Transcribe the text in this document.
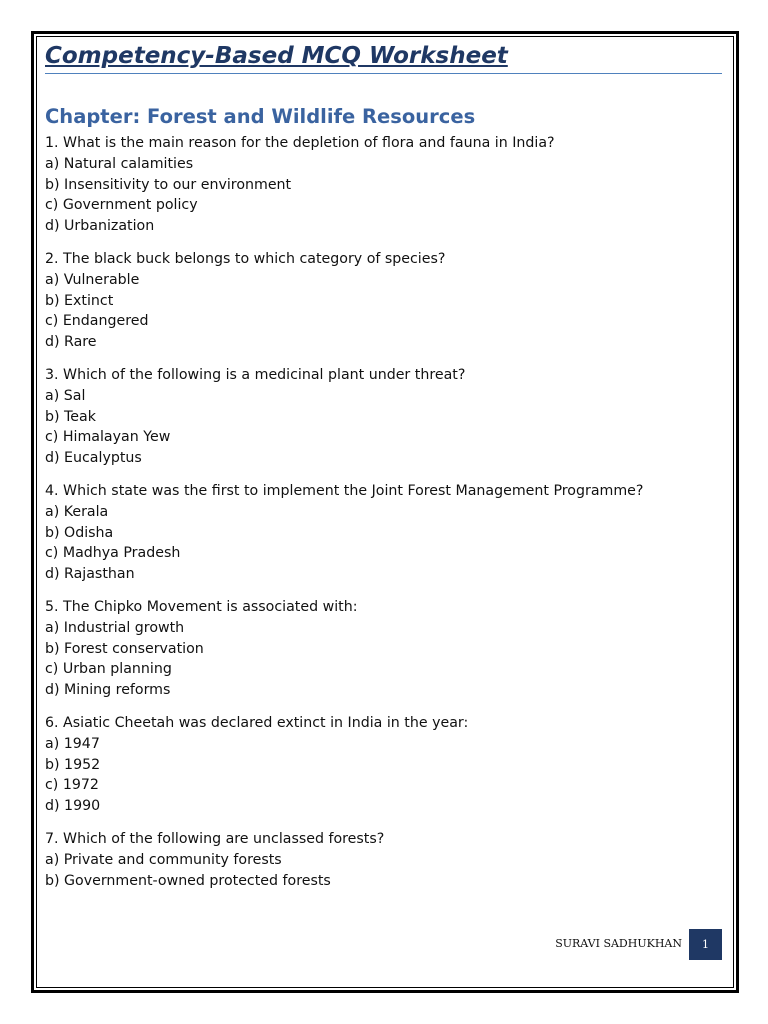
Competency-Based MCQ Worksheet
Chapter: Forest and Wildlife Resources
1. What is the main reason for the depletion of flora and fauna in India?
a) Natural calamities
b) Insensitivity to our environment
c) Government policy
d) Urbanization
2. The black buck belongs to which category of species?
a) Vulnerable
b) Extinct
c) Endangered
d) Rare
3. Which of the following is a medicinal plant under threat?
a) Sal
b) Teak
c) Himalayan Yew
d) Eucalyptus
4. Which state was the first to implement the Joint Forest Management Programme?
a) Kerala
b) Odisha
c) Madhya Pradesh
d) Rajasthan
5. The Chipko Movement is associated with:
a) Industrial growth
b) Forest conservation
c) Urban planning
d) Mining reforms
6. Asiatic Cheetah was declared extinct in India in the year:
a) 1947
b) 1952
c) 1972
d) 1990
7. Which of the following are unclassed forests?
a) Private and community forests
b) Government-owned protected forests
SURAVI SADHUKHAN 1
